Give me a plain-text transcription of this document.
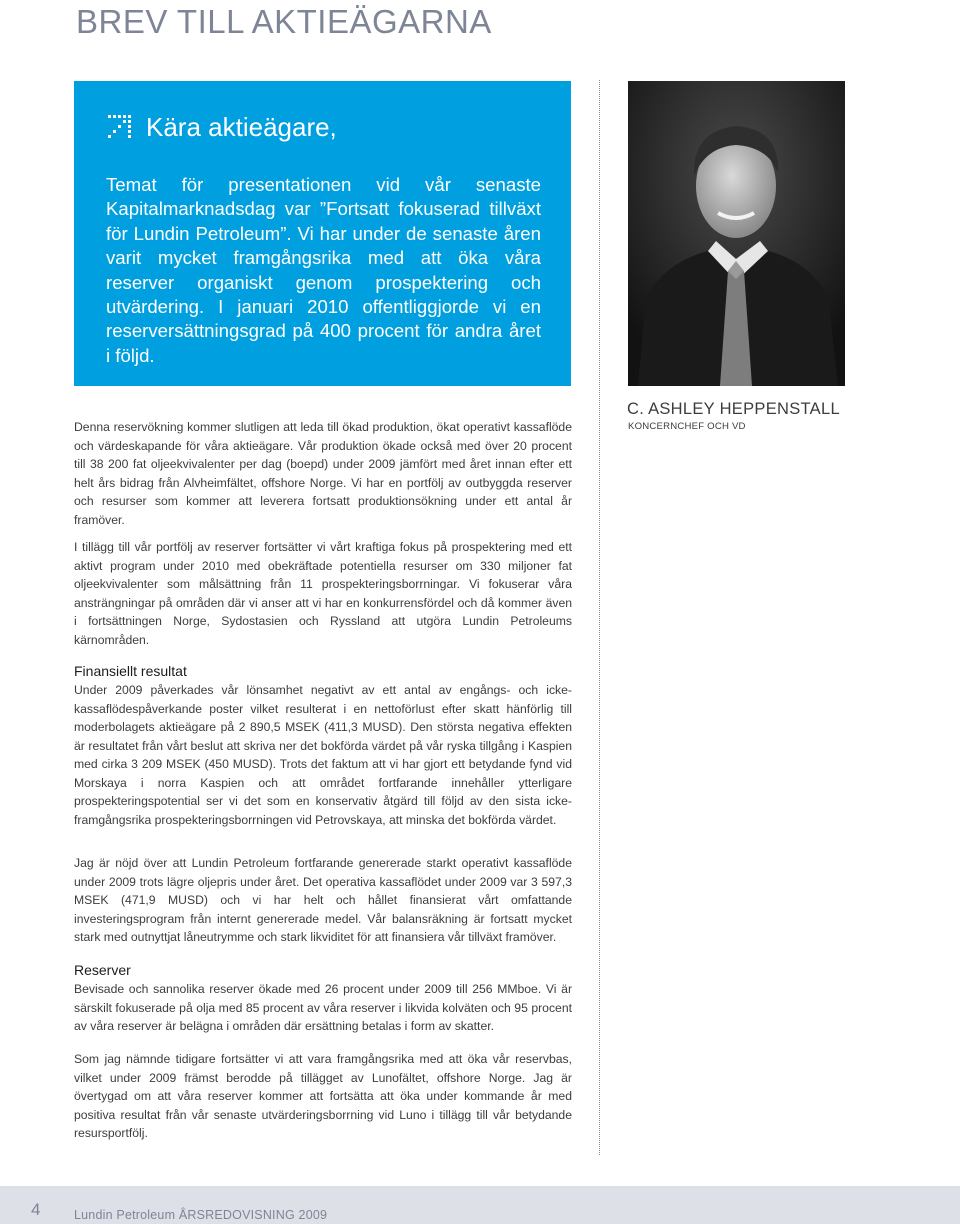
BREV TILL AKTIEÄGARNA
Kära aktieägare,

Temat för presentationen vid vår senaste Kapitalmarknadsdag var ”Fortsatt fokuserad tillväxt för Lundin Petroleum”. Vi har under de senaste åren varit mycket framgångsrika med att öka våra reserver organiskt genom prospektering och utvärdering. I januari 2010 offentliggjorde vi en reserversättningsgrad på 400 procent för andra året i följd.

C. ASHLEY HEPPENSTALL

KONCERNCHEF OCH VD

Denna reservökning kommer slutligen att leda till ökad produktion, ökat operativt kassaflöde och värdeskapande för våra aktieägare. Vår produktion ökade också med över 20 procent till 38 200 fat oljeekvivalenter per dag (boepd) under 2009 jämfört med året innan efter ett helt års bidrag från Alvheimfältet, offshore Norge. Vi har en portfölj av outbyggda reserver och resurser som kommer att leverera fortsatt produktionsökning under ett antal år framöver.

I tillägg till vår portfölj av reserver fortsätter vi vårt kraftiga fokus på prospektering med ett aktivt program under 2010 med obekräftade potentiella resurser om 330 miljoner fat oljeekvivalenter som målsättning från 11 prospekteringsborrningar. Vi fokuserar våra ansträngningar på områden där vi anser att vi har en konkurrensfördel och då kommer även i fortsättningen Norge, Sydostasien och Ryssland att utgöra Lundin Petroleums kärnområden.

Finansiellt resultat

Under 2009 påverkades vår lönsamhet negativt av ett antal av engångs- och icke-kassaflödespåverkande poster vilket resulterat i en nettoförlust efter skatt hänförlig till moderbolagets aktieägare på 2 890,5 MSEK (411,3 MUSD). Den största negativa effekten är resultatet från vårt beslut att skriva ner det bokförda värdet på vår ryska tillgång i Kaspien med cirka 3 209 MSEK (450 MUSD). Trots det faktum att vi har gjort ett betydande fynd vid Morskaya i norra Kaspien och att området fortfarande innehåller ytterligare prospekteringspotential ser vi det som en konservativ åtgärd till följd av den sista icke-framgångsrika prospekteringsborrningen vid Petrovskaya, att minska det bokförda värdet.

Jag är nöjd över att Lundin Petroleum fortfarande genererade starkt operativt kassaflöde under 2009 trots lägre oljepris under året. Det operativa kassaflödet under 2009 var 3 597,3 MSEK (471,9 MUSD) och vi har helt och hållet finansierat vårt omfattande investeringsprogram från internt genererade medel. Vår balansräkning är fortsatt mycket stark med outnyttjat låneutrymme och stark likviditet för att finansiera vår tillväxt framöver.

Reserver

Bevisade och sannolika reserver ökade med 26 procent under 2009 till 256 MMboe. Vi är särskilt fokuserade på olja med 85 procent av våra reserver i likvida kolväten och 95 procent av våra reserver är belägna i områden där ersättning betalas i form av skatter.

Som jag nämnde tidigare fortsätter vi att vara framgångsrika med att öka vår reservbas, vilket under 2009 främst berodde på tillägget av Lunofältet, offshore Norge. Jag är övertygad om att våra reserver kommer att fortsätta att öka under kommande år med positiva resultat från vår senaste utvärderingsborrning vid Luno i tillägg till vår betydande resursportfölj.

4	Lundin Petroleum ÅRSREDOVISNING 2009
